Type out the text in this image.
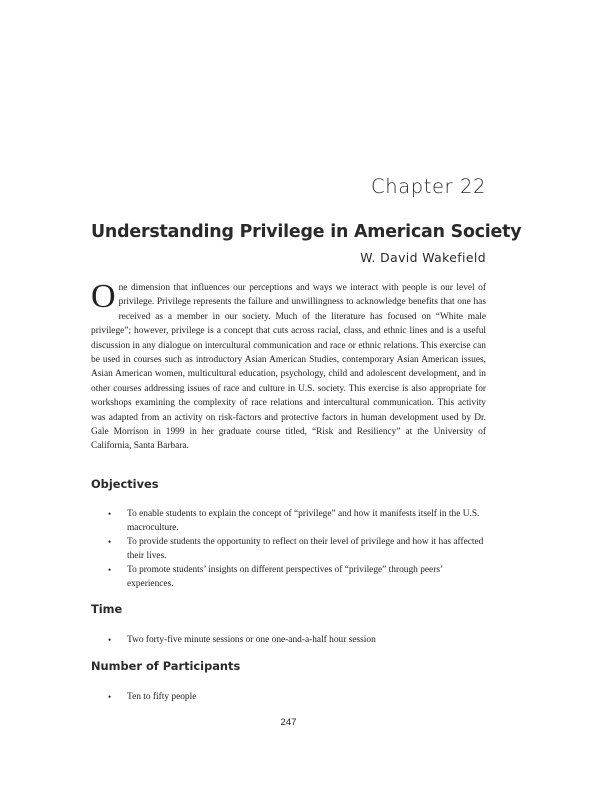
Chapter 22
Understanding Privilege in American Society
W. David Wakefield

One dimension that influences our perceptions and ways we interact with people is our level of privilege. Privilege represents the failure and unwillingness to acknowledge benefits that one has received as a member in our society. Much of the literature has focused on “White male privilege”; however, privilege is a concept that cuts across racial, class, and ethnic lines and is a useful discussion in any dialogue on intercultural communication and race or ethnic relations. This exercise can be used in courses such as introductory Asian American Studies, contemporary Asian American issues, Asian American women, multicultural education, psychology, child and adolescent development, and in other courses addressing issues of race and culture in U.S. society. This exercise is also appropriate for workshops examining the complexity of race relations and intercultural communication. This activity was adapted from an activity on risk-factors and protective factors in human development used by Dr. Gale Morrison in 1999 in her graduate course titled, “Risk and Resiliency” at the University of California, Santa Barbara.

Objectives
• To enable students to explain the concept of “privilege” and how it manifests itself in the U.S. macroculture.
• To provide students the opportunity to reflect on their level of privilege and how it has affected their lives.
• To promote students’ insights on different perspectives of “privilege” through peers’ experiences.
Time
• Two forty-five minute sessions or one one-and-a-half hour session
Number of Participants
• Ten to fifty people
247
